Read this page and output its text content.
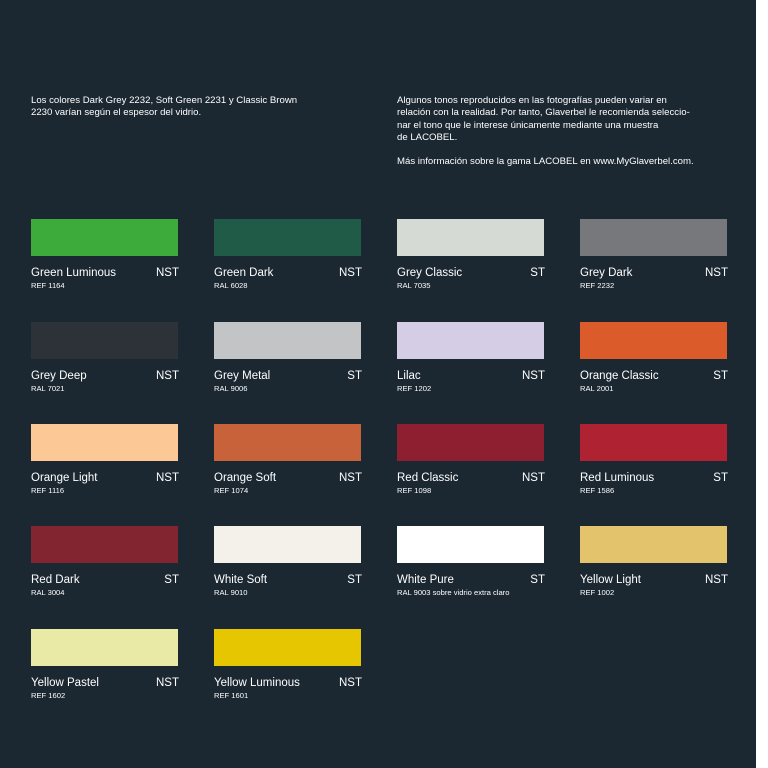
Los colores Dark Grey 2232, Soft Green 2231 y Classic Brown

2230 varían según el espesor del vidrio.

Algunos tonos reproducidos en las fotografías pueden variar en

relación con la realidad. Por tanto, Glaverbel le recomienda seleccio-

nar el tono que le interese únicamente mediante una muestra

de LACOBEL.

Más información sobre la gama LACOBEL en www.MyGlaverbel.com.

Green Luminous	NST
REF 1164
Green Dark	NST
RAL 6028
Grey Classic	ST
RAL 7035
Grey Dark	NST
REF 2232
Grey Deep	NST
RAL 7021
Grey Metal	ST
RAL 9006
Lilac	NST
REF 1202
Orange Classic	ST
RAL 2001
Orange Light	NST
REF 1116
Orange Soft	NST
REF 1074
Red Classic	NST
REF 1098
Red Luminous	ST
REF 1586
Red Dark	ST
RAL 3004
White Soft	ST
RAL 9010
White Pure	ST
RAL 9003 sobre vidrio extra claro
Yellow Light	NST
REF 1002
Yellow Pastel	NST
REF 1602
Yellow Luminous	NST
REF 1601
